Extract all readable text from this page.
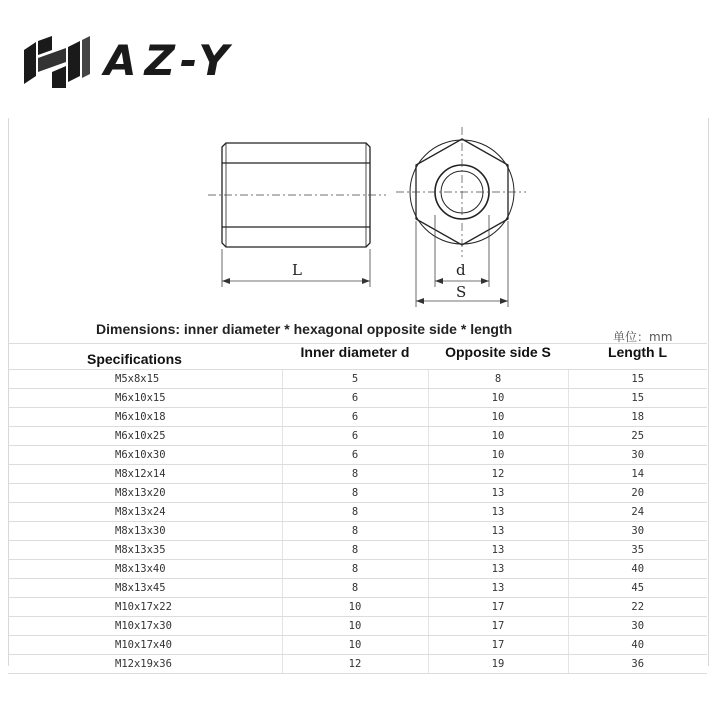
AZ-Y
L	d
S
Dimensions: inner diameter * hexagonal opposite side * length	单位：mm
Specifications	Inner diameter d	Opposite side S	Length L
M5x8x15	5	8	15
M6x10x15	6	10	15
M6x10x18	6	10	18
M6x10x25	6	10	25
M6x10x30	6	10	30
M8x12x14	8	12	14
M8x13x20	8	13	20
M8x13x24	8	13	24
M8x13x30	8	13	30
M8x13x35	8	13	35
M8x13x40	8	13	40
M8x13x45	8	13	45
M10x17x22	10	17	22
M10x17x30	10	17	30
M10x17x40	10	17	40
M12x19x36	12	19	36
